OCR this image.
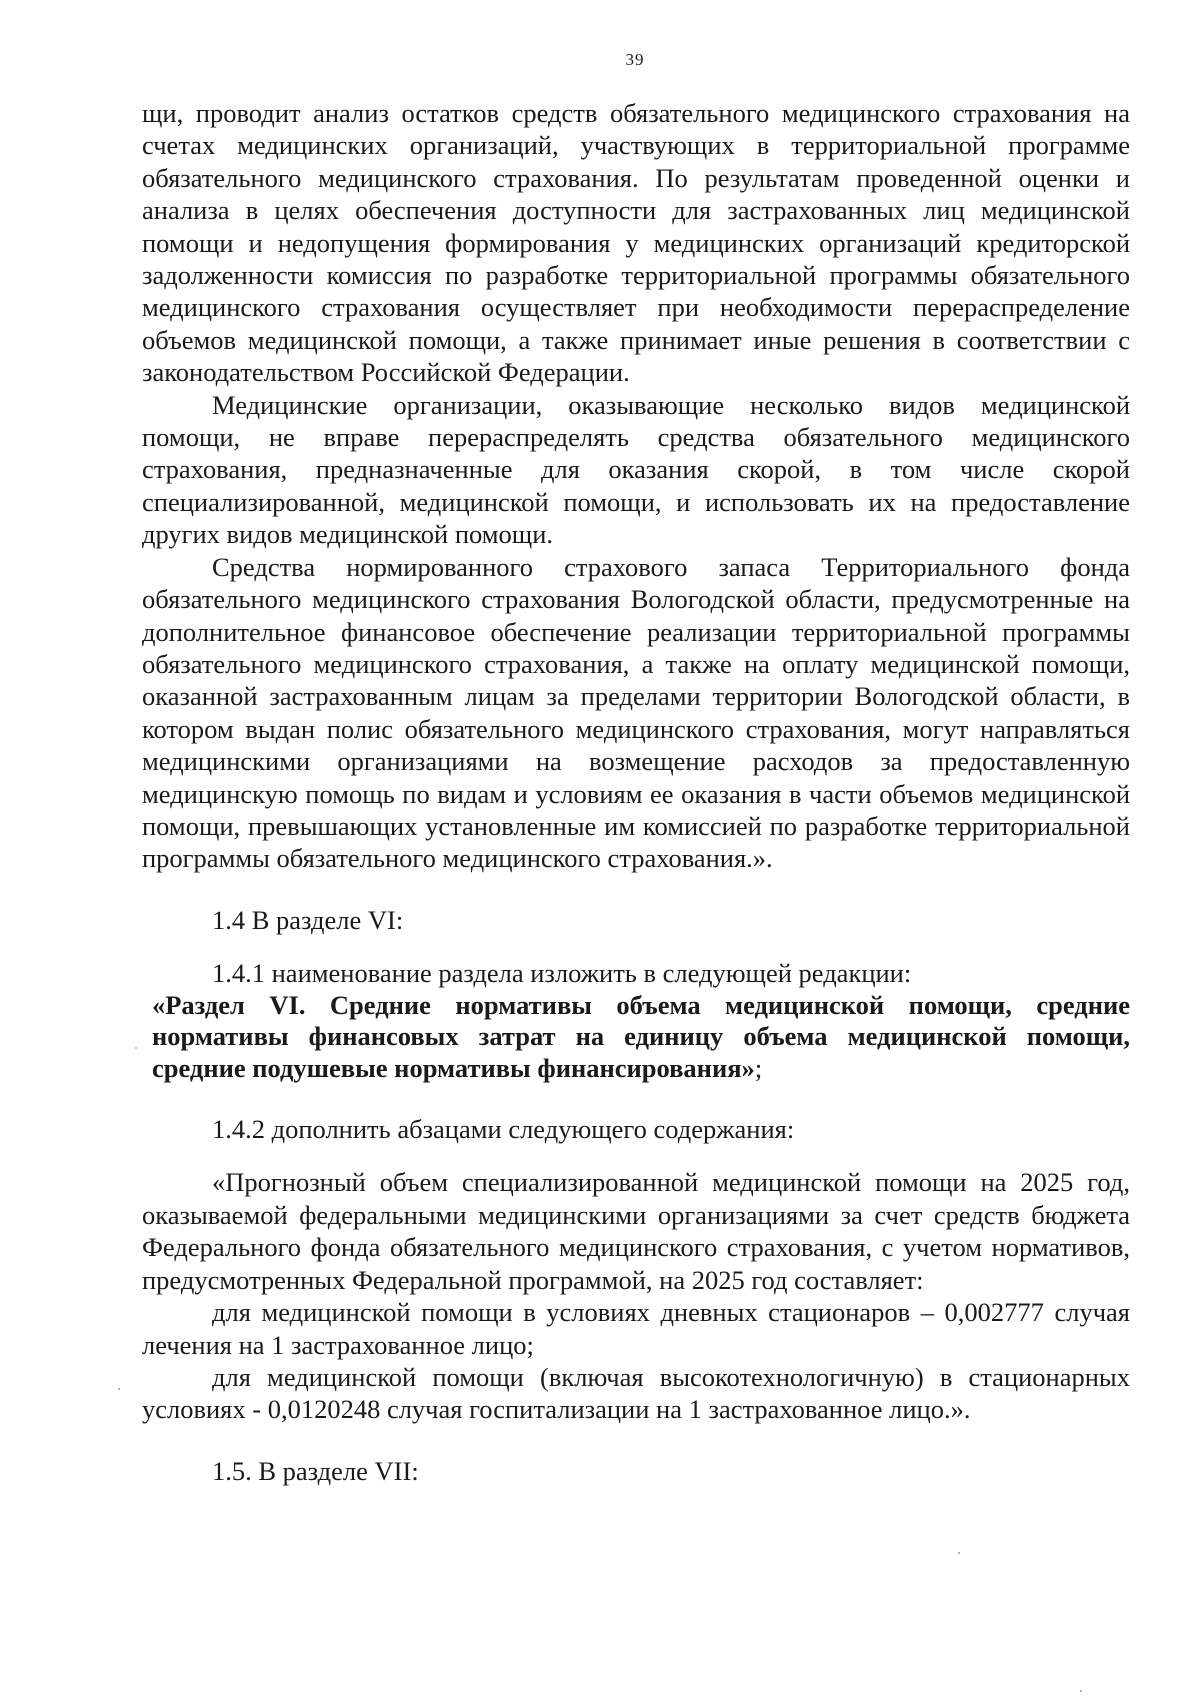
39

щи, проводит анализ остатков средств обязательного медицинского страхования на счетах медицинских организаций, участвующих в территориальной программе обязательного медицинского страхования. По результатам проведенной оценки и анализа в целях обеспечения доступности для застрахованных лиц медицинской помощи и недопущения формирования у медицинских организаций кредиторской задолженности комиссия по разработке территориальной программы обязательного медицинского страхования осуществляет при необходимости перераспределение объемов медицинской помощи, а также принимает иные решения в соответствии с законодательством Российской Федерации.

Медицинские организации, оказывающие несколько видов медицинской помощи, не вправе перераспределять средства обязательного медицинского страхования, предназначенные для оказания скорой, в том числе скорой специализированной, медицинской помощи, и использовать их на предоставление других видов медицинской помощи.

Средства нормированного страхового запаса Территориального фонда обязательного медицинского страхования Вологодской области, предусмотренные на дополнительное финансовое обеспечение реализации территориальной программы обязательного медицинского страхования, а также на оплату медицинской помощи, оказанной застрахованным лицам за пределами территории Вологодской области, в котором выдан полис обязательного медицинского страхования, могут направляться медицинскими организациями на возмещение расходов за предоставленную медицинскую помощь по видам и условиям ее оказания в части объемов медицинской помощи, превышающих установленные им комиссией по разработке территориальной программы обязательного медицинского страхования.».

1.4 В разделе VI:

1.4.1 наименование раздела изложить в следующей редакции:

«Раздел VI. Средние нормативы объема медицинской помощи, средние нормативы финансовых затрат на единицу объема медицинской помощи, средние подушевые нормативы финансирования»;

1.4.2 дополнить абзацами следующего содержания:

«Прогнозный объем специализированной медицинской помощи на 2025 год, оказываемой федеральными медицинскими организациями за счет средств бюджета Федерального фонда обязательного медицинского страхования, с учетом нормативов, предусмотренных Федеральной программой, на 2025 год составляет:

для медицинской помощи в условиях дневных стационаров – 0,002777 случая лечения на 1 застрахованное лицо;

для медицинской помощи (включая высокотехнологичную) в стационарных условиях - 0,0120248 случая госпитализации на 1 застрахованное лицо.».

1.5. В разделе VII:
